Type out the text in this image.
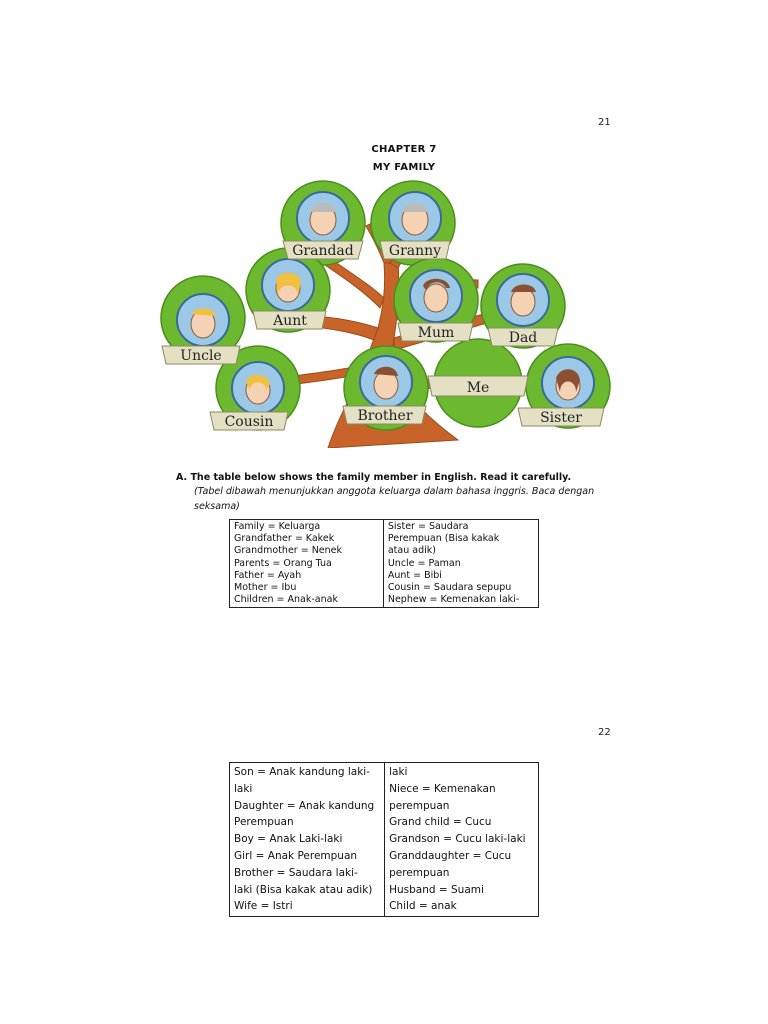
21
CHAPTER 7
MY FAMILY
Grandad	Granny
Aunt
Mum	Dad
Uncle
Me
Cousin	Brother	Sister
A. The table below shows the family member in English. Read it carefully.
(Tabel dibawah menunjukkan anggota keluarga dalam bahasa inggris. Baca dengan seksama)
Family = Keluarga
Grandfather = Kakek
Grandmother = Nenek
Parents = Orang Tua
Father = Ayah
Mother = Ibu
Children = Anak-anak

Sister = Saudara
Perempuan (Bisa kakak
atau adik)
Uncle = Paman
Aunt = Bibi
Cousin = Saudara sepupu
Nephew = Kemenakan laki-
22
Son = Anak kandung laki-
laki
Daughter = Anak kandung
Perempuan
Boy = Anak Laki-laki
Girl = Anak Perempuan
Brother = Saudara laki-
laki (Bisa kakak atau adik)
Wife = Istri

laki
Niece = Kemenakan
perempuan
Grand child = Cucu
Grandson = Cucu laki-laki
Granddaughter = Cucu
perempuan
Husband = Suami
Child = anak
